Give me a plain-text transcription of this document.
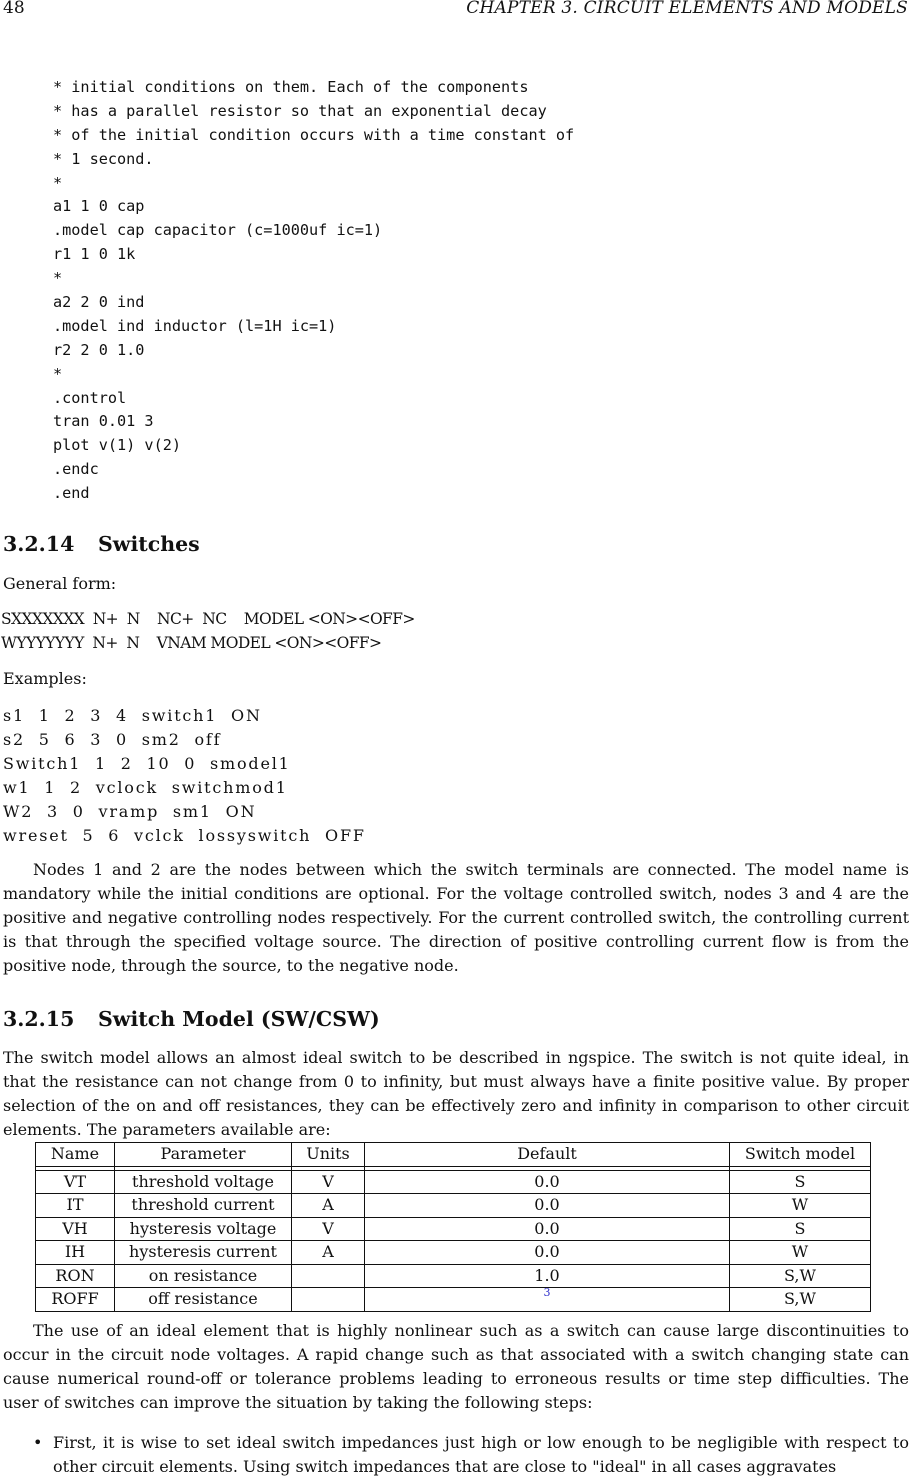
48	CHAPTER 3. CIRCUIT ELEMENTS AND MODELS
* initial conditions on them. Each of the components
* has a parallel resistor so that an exponential decay
* of the initial condition occurs with a time constant of
* 1 second.
*
a1 1 0 cap
.model cap capacitor (c=1000uf ic=1)
r1 1 0 1k
*
a2 2 0 ind
.model ind inductor (l=1H ic=1)
r2 2 0 1.0
*
.control
tran 0.01 3
plot v(1) v(2)
.endc
.end
3.2.14 Switches
General form:
SXXXXXXX  N+  N    NC+  NC    MODEL <ON><OFF>
WYYYYYYY  N+  N    VNAM MODEL <ON><OFF>
Examples:
s1  1  2  3  4  switch1  ON
s2  5  6  3  0  sm2  off
Switch1  1  2  10  0  smodel1
w1  1  2  vclock  switchmod1
W2  3  0  vramp  sm1  ON
wreset  5  6  vclck  lossyswitch  OFF

Nodes 1 and 2 are the nodes between which the switch terminals are connected. The model name is mandatory while the initial conditions are optional. For the voltage controlled switch, nodes 3 and 4 are the positive and negative controlling nodes respectively. For the current controlled switch, the controlling current is that through the specified voltage source. The direction of positive controlling current flow is from the positive node, through the source, to the negative node.

3.2.15 Switch Model (SW/CSW)

The switch model allows an almost ideal switch to be described in ngspice. The switch is not quite ideal, in that the resistance can not change from 0 to infinity, but must always have a finite positive value. By proper selection of the on and off resistances, they can be effectively zero and infinity in comparison to other circuit elements. The parameters available are:

Name	Parameter	Units	Default	Switch model

VT	threshold voltage	V	0.0	S
IT	threshold current	A	0.0	W
VH	hysteresis voltage	V	0.0	S
IH	hysteresis current	A	0.0	W
RON	on resistance		1.0	S,W
ROFF	off resistance		$^3$	S,W

The use of an ideal element that is highly nonlinear such as a switch can cause large discontinuities to occur in the circuit node voltages. A rapid change such as that associated with a switch changing state can cause numerical round-off or tolerance problems leading to erroneous results or time step difficulties. The user of switches can improve the situation by taking the following steps:

• First, it is wise to set ideal switch impedances just high or low enough to be negligible with respect to other circuit elements. Using switch impedances that are close to "ideal" in all cases aggravates
